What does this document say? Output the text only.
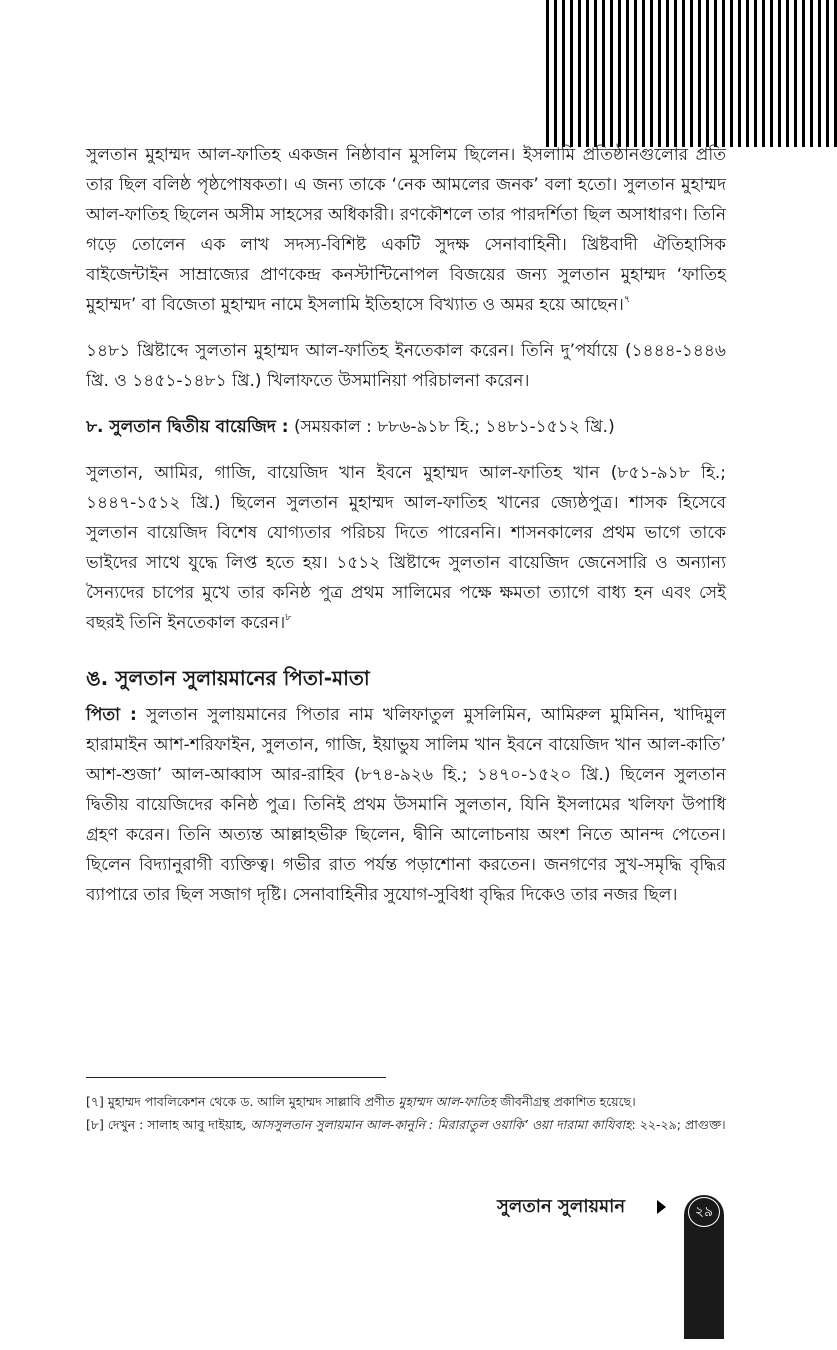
সুলতান মুহাম্মদ আল-ফাতিহ একজন নিষ্ঠাবান মুসলিম ছিলেন। ইসলামি প্রতিষ্ঠানগুলোর প্রতি তার ছিল বলিষ্ঠ পৃষ্ঠপোষকতা। এ জন্য তাকে ‘নেক আমলের জনক’ বলা হতো। সুলতান মুহাম্মদ আল-ফাতিহ ছিলেন অসীম সাহসের অধিকারী। রণকৌশলে তার পারদর্শিতা ছিল অসাধারণ। তিনি গড়ে তোলেন এক লাখ সদস্য-বিশিষ্ট একটি সুদক্ষ সেনাবাহিনী। খ্রিষ্টবাদী ঐতিহাসিক বাইজেন্টাইন সাম্রাজ্যের প্রাণকেন্দ্র কনস্টান্টিনোপল বিজয়ের জন্য সুলতান মুহাম্মদ ‘ফাতিহ মুহাম্মদ’ বা বিজেতা মুহাম্মদ নামে ইসলামি ইতিহাসে বিখ্যাত ও অমর হয়ে আছেন।$^৭$

১৪৮১ খ্রিষ্টাব্দে সুলতান মুহাম্মদ আল-ফাতিহ ইনতেকাল করেন। তিনি দু’পর্যায়ে (১৪৪৪-১৪৪৬ খ্রি. ও ১৪৫১-১৪৮১ খ্রি.) খিলাফতে উসমানিয়া পরিচালনা করেন।

৮. সুলতান দ্বিতীয় বায়েজিদ : (সময়কাল : ৮৮৬-৯১৮ হি.; ১৪৮১-১৫১২ খ্রি.)

সুলতান, আমির, গাজি, বায়েজিদ খান ইবনে মুহাম্মদ আল-ফাতিহ খান (৮৫১-৯১৮ হি.; ১৪৪৭-১৫১২ খ্রি.) ছিলেন সুলতান মুহাম্মদ আল-ফাতিহ খানের জ্যেষ্ঠপুত্র। শাসক হিসেবে সুলতান বায়েজিদ বিশেষ যোগ্যতার পরিচয় দিতে পারেননি। শাসনকালের প্রথম ভাগে তাকে ভাইদের সাথে যুদ্ধে লিপ্ত হতে হয়। ১৫১২ খ্রিষ্টাব্দে সুলতান বায়েজিদ জেনেসারি ও অন্যান্য সৈন্যদের চাপের মুখে তার কনিষ্ঠ পুত্র প্রথম সালিমের পক্ষে ক্ষমতা ত্যাগে বাধ্য হন এবং সেই বছরই তিনি ইনতেকাল করেন।$^৮$

ঙ. সুলতান সুলায়মানের পিতা-মাতা

পিতা : সুলতান সুলায়মানের পিতার নাম খলিফাতুল মুসলিমিন, আমিরুল মুমিনিন, খাদিমুল হারামাইন আশ-শরিফাইন, সুলতান, গাজি, ইয়াভুয সালিম খান ইবনে বায়েজিদ খান আল-কাতি’ আশ-শুজা’ আল-আব্বাস আর-রাহিব (৮৭৪-৯২৬ হি.; ১৪৭০-১৫২০ খ্রি.) ছিলেন সুলতান দ্বিতীয় বায়েজিদের কনিষ্ঠ পুত্র। তিনিই প্রথম উসমানি সুলতান, যিনি ইসলামের খলিফা উপাধি গ্রহণ করেন। তিনি অত্যন্ত আল্লাহভীরু ছিলেন, দ্বীনি আলোচনায় অংশ নিতে আনন্দ পেতেন। ছিলেন বিদ্যানুরাগী ব্যক্তিত্ব। গভীর রাত পর্যন্ত পড়াশোনা করতেন। জনগণের সুখ-সমৃদ্ধি বৃদ্ধির ব্যাপারে তার ছিল সজাগ দৃষ্টি। সেনাবাহিনীর সুযোগ-সুবিধা বৃদ্ধির দিকেও তার নজর ছিল।

[৭] মুহাম্মদ পাবলিকেশন থেকে ড. আলি মুহাম্মদ সাল্লাবি প্রণীত মুহাম্মদ আল-ফাতিহ জীবনীগ্রন্থ প্রকাশিত হয়েছে।

[৮] দেখুন : সালাহ আবু দাইয়াহ, আসসুলতান সুলায়মান আল-কানুনি : মিরারাতুল ওয়াকি’ ওয়া দারামা কাযিবাহ: ২২-২৯; প্রাগুক্ত।

সুলতান সুলায়মান	২৯
